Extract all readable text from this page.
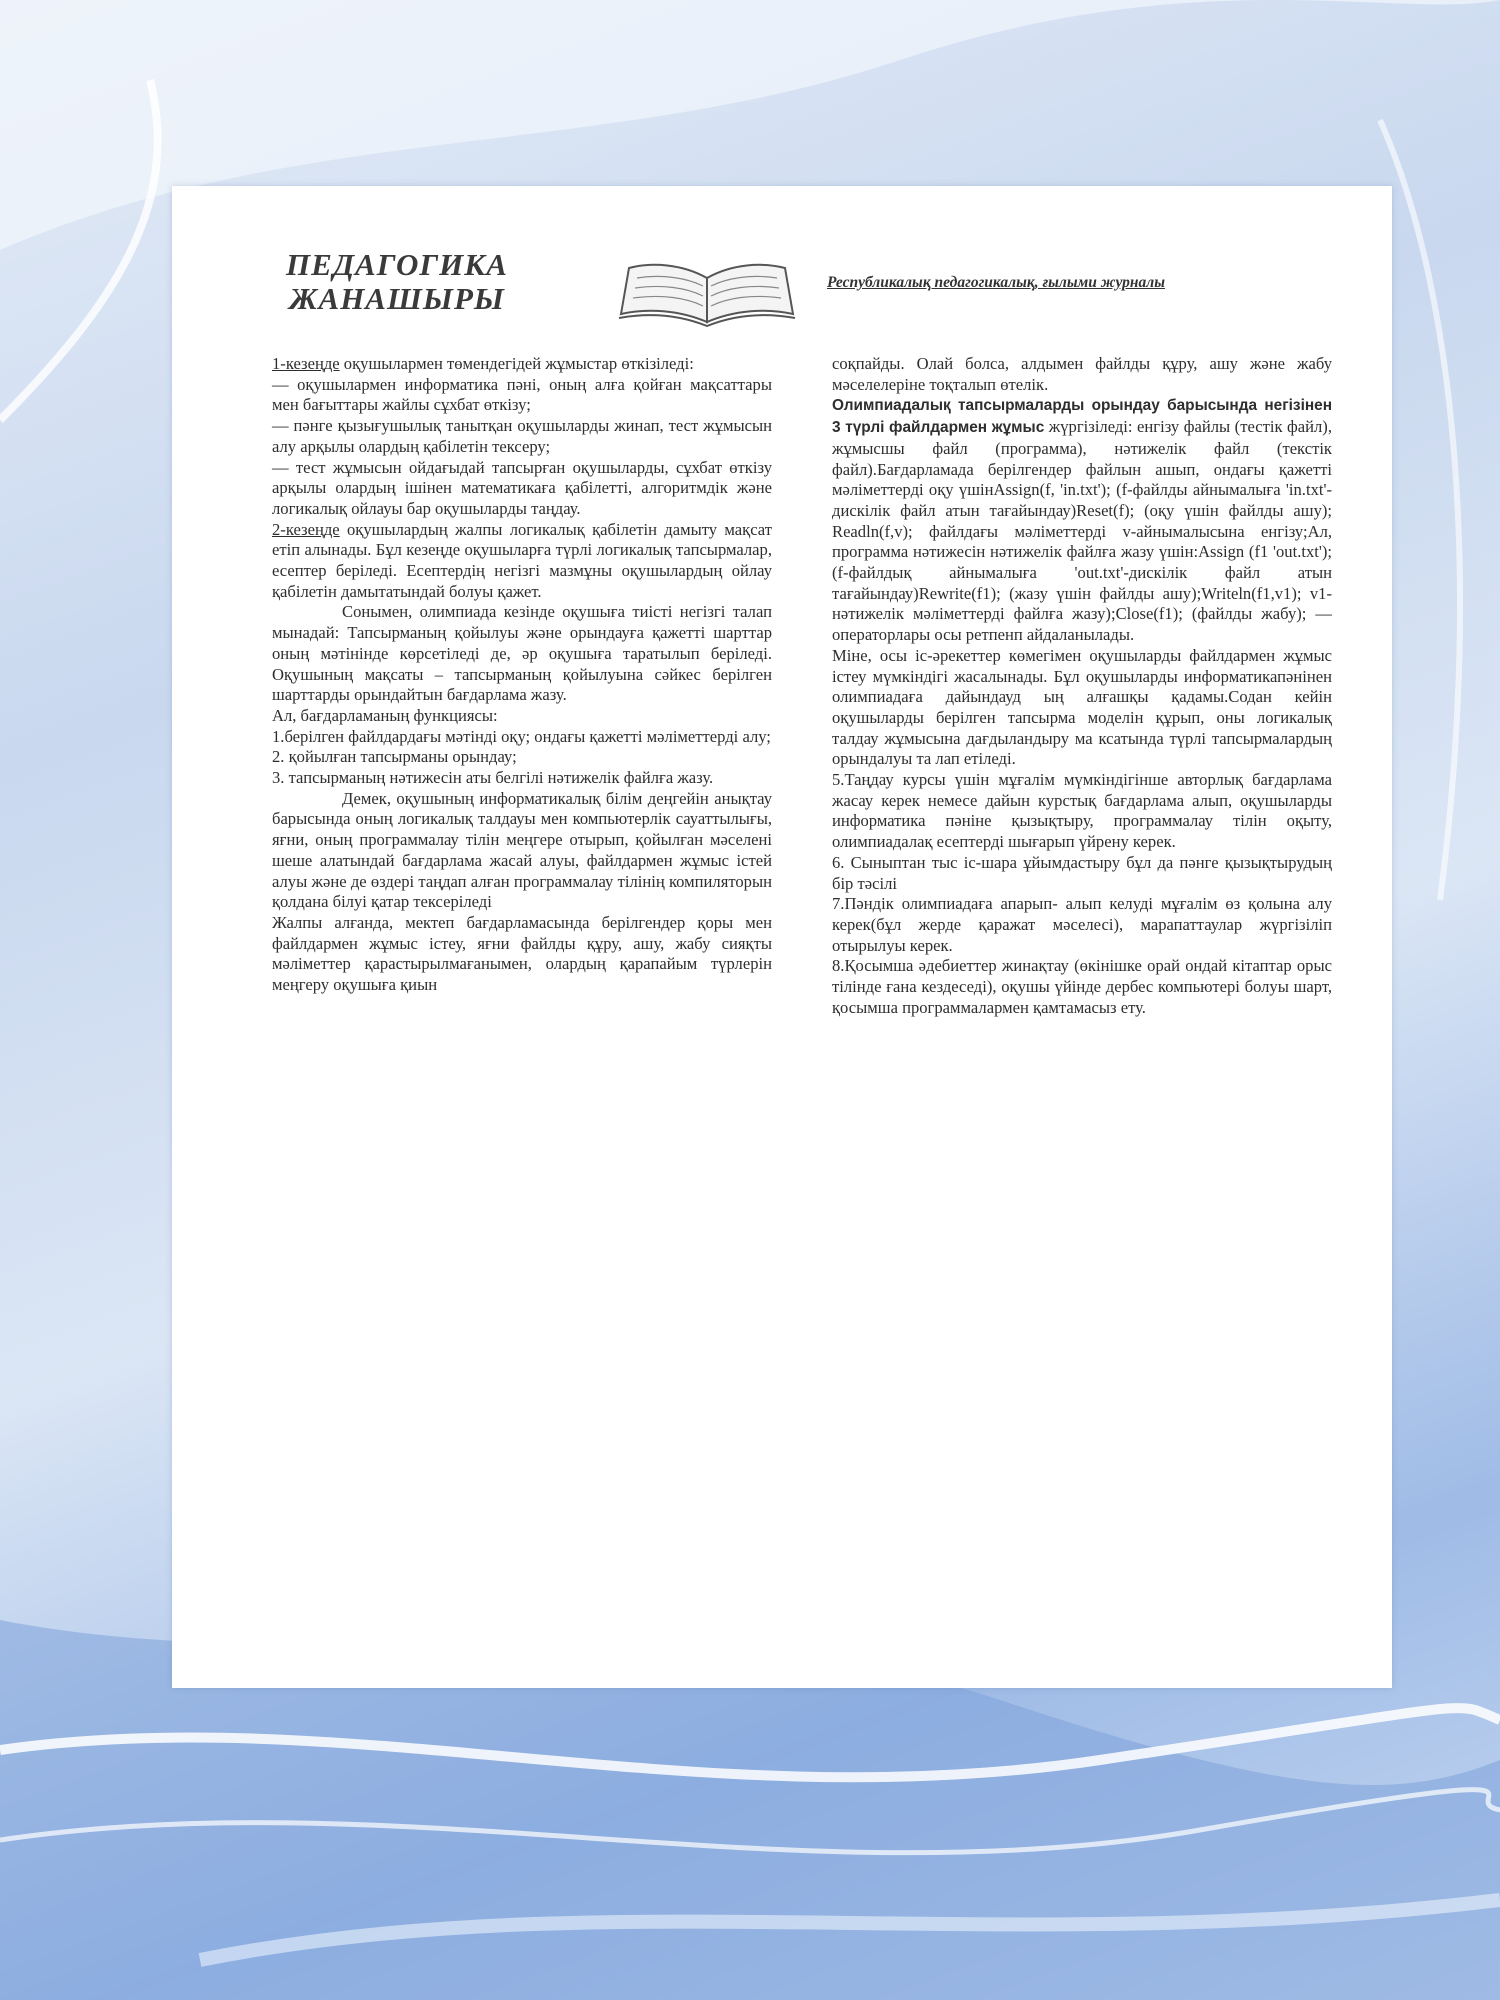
ПЕДАГОГИКА
ЖАНАШЫРЫ	Республикалық педагогикалық, ғылыми журналы

1-кезеңде оқушылармен төмендегідей жұмыстар өткізіледі:

— оқушылармен информатика пәні, оның алға қойған мақсаттары мен бағыттары жайлы сұхбат өткізу;

— пәнге қызығушылық танытқан оқушыларды жинап, тест жұмысын алу арқылы олардың қабілетін тексеру;

— тест жұмысын ойдағыдай тапсырған оқушыларды, сұхбат өткізу арқылы олардың ішінен математикаға қабілетті, алгоритмдік және логикалық ойлауы бар оқушыларды таңдау.

2-кезеңде оқушылардың жалпы логикалық қабілетін дамыту мақсат етіп алынады. Бұл кезеңде оқушыларға түрлі логикалық тапсырмалар, есептер беріледі. Есептердің негізгі мазмұны оқушылардың ойлау қабілетін дамытатындай болуы қажет.

Сонымен, олимпиада кезінде оқушыға тиісті негізгі талап мынадай: Тапсырманың қойылуы және орындауға қажетті шарттар оның мәтінінде көрсетіледі де, әр оқушыға таратылып беріледі. Оқушының мақсаты – тапсырманың қойылуына сәйкес берілген шарттарды орындайтын бағдарлама жазу.

Ал, бағдарламаның функциясы:

1.берілген файлдардағы мәтінді оқу; ондағы қажетті мәліметтерді алу;

2. қойылған тапсырманы орындау;

3. тапсырманың нәтижесін аты белгілі нәтижелік файлға жазу.

Демек, оқушының информатикалық білім деңгейін анықтау барысында оның логикалық талдауы мен компьютерлік сауаттылығы, яғни, оның программалау тілін меңгере отырып, қойылған мәселені шеше алатындай бағдарлама жасай алуы, файлдармен жұмыс істей алуы және де өздері таңдап алған программалау тілінің компиляторын қолдана білуі қатар тексеріледі

Жалпы алғанда, мектеп бағдарламасында берілгендер қоры мен файлдармен жұмыс істеу, яғни файлды құру, ашу, жабу сияқты мәліметтер қарастырылмағанымен, олардың қарапайым түрлерін меңгеру оқушыға қиын

соқпайды. Олай болса, алдымен файлды құру, ашу және жабу мәселелеріне тоқталып өтелік.

Олимпиадалық тапсырмаларды орындау барысында негізінен 3 түрлі файлдармен жұмыс жүргізіледі: енгізу файлы (тестік файл), жұмысшы файл (программа), нәтижелік файл (текстік файл).Бағдарламада берілгендер файлын ашып, ондағы қажетті мәліметтерді оқу үшінAssign(f, 'in.txt'); (f-файлды айнымалыға 'in.txt'-дискілік файл атын тағайындау)Reset(f); (оқу үшін файлды ашу); Readln(f,v); файлдағы мәліметтерді v-айнымалысына енгізу;Ал, программа нәтижесін нәтижелік файлға жазу үшін:Assign (f1 'out.txt'); (f-файлдық айнымалыға 'out.txt'-дискілік файл атын тағайындау)Rewrite(f1); (жазу үшін файлды ашу);Writeln(f1,v1); v1-нәтижелік мәліметтерді файлға жазу);Close(f1); (файлды жабу); — операторлары осы ретпенп айдаланылады.

Міне, осы іс-әрекеттер көмегімен оқушыларды файлдармен жұмыс істеу мүмкіндігі жасалынады. Бұл оқушыларды информатикапәнінен олимпиадаға дайындауд ың алғашқы қадамы.Содан кейін оқушыларды берілген тапсырма моделін құрып, оны логикалық талдау жұмысына дағдыландыру ма ксатында түрлі тапсырмалардың орындалуы та лап етіледі.

5.Таңдау курсы үшін мұғалім мүмкіндігінше авторлық бағдарлама жасау керек немесе дайын курстық бағдарлама алып, оқушыларды информатика пәніне қызықтыру, программалау тілін оқыту, олимпиадалақ есептерді шығарып үйрену керек.

6. Сыныптан тыс іс-шара ұйымдастыру бұл да пәнге қызықтырудың бір тәсілі

7.Пәндік олимпиадаға апарып- алып келуді мұғалім өз қолына алу керек(бұл жерде қаражат мәселесі), марапаттаулар жүргізіліп отырылуы керек.

8.Қосымша әдебиеттер жинақтау (өкінішке орай ондай кітаптар орыс тілінде ғана кездеседі), оқушы үйінде дербес компьютері болуы шарт, қосымша программалармен қамтамасыз ету.
